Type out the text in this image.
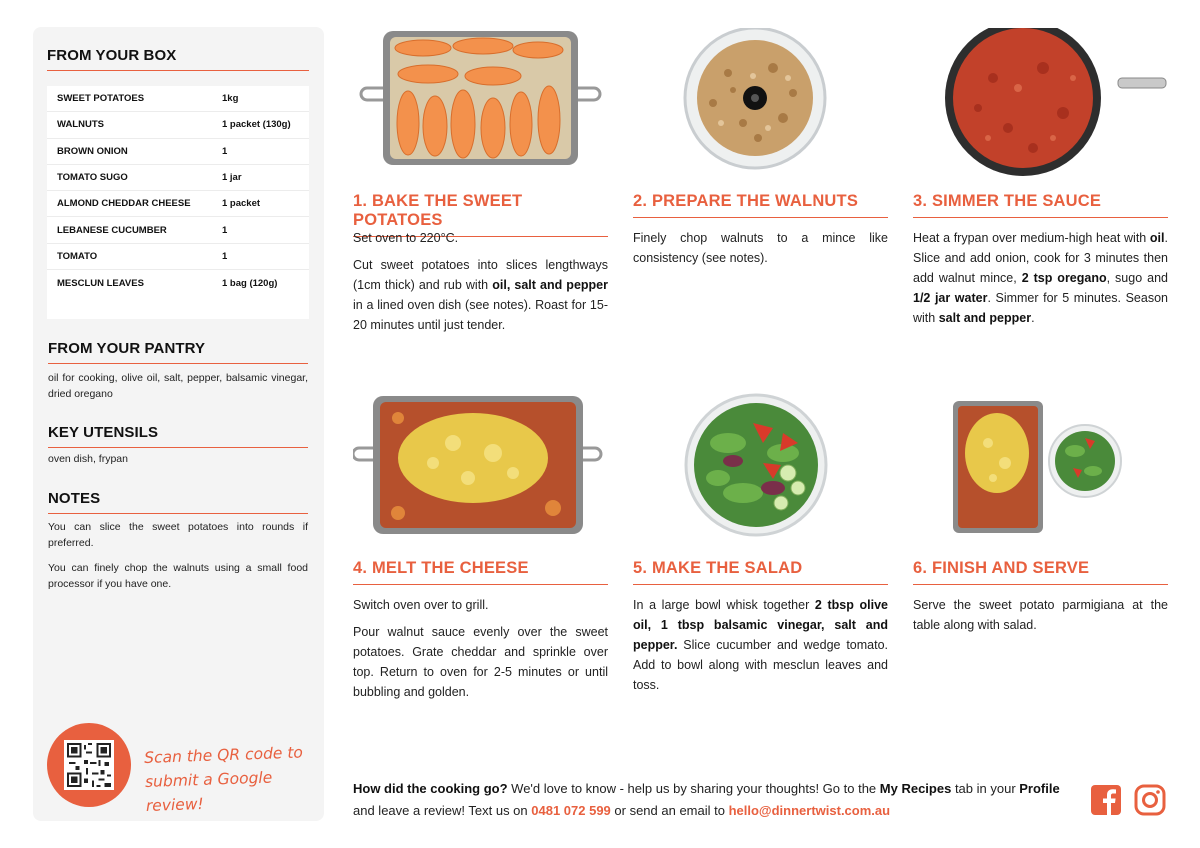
FROM YOUR BOX
SWEET POTATOES	1kg
WALNUTS	1 packet (130g)
BROWN ONION	1
TOMATO SUGO	1 jar
ALMOND CHEDDAR CHEESE	1 packet
LEBANESE CUCUMBER	1
TOMATO	1
MESCLUN LEAVES	1 bag (120g)
FROM YOUR PANTRY
oil for cooking, olive oil, salt, pepper, balsamic vinegar, dried oregano
KEY UTENSILS
oven dish, frypan
NOTES

You can slice the sweet potatoes into rounds if preferred.

You can finely chop the walnuts using a small food processor if you have one.

Scan the QR code to submit a Google review!
1. BAKE THE SWEET POTATOES

Set oven to 220°C.

Cut sweet potatoes into slices lengthways (1cm thick) and rub with oil, salt and pepper in a lined oven dish (see notes). Roast for 15-20 minutes until just tender.

2. PREPARE THE WALNUTS

Finely chop walnuts to a mince like consistency (see notes).

3. SIMMER THE SAUCE

Heat a frypan over medium-high heat with oil. Slice and add onion, cook for 3 minutes then add walnut mince, 2 tsp oregano, sugo and 1/2 jar water. Simmer for 5 minutes. Season with salt and pepper.

4. MELT THE CHEESE

Switch oven over to grill.

Pour walnut sauce evenly over the sweet potatoes. Grate cheddar and sprinkle over top. Return to oven for 2-5 minutes or until bubbling and golden.

5. MAKE THE SALAD

In a large bowl whisk together 2 tbsp olive oil, 1 tbsp balsamic vinegar, salt and pepper. Slice cucumber and wedge tomato. Add to bowl along with mesclun leaves and toss.

6. FINISH AND SERVE

Serve the sweet potato parmigiana at the table along with salad.

How did the cooking go? We'd love to know - help us by sharing your thoughts! Go to the My Recipes tab in your Profile and leave a review! Text us on 0481 072 599 or send an email to hello@dinnertwist.com.au
